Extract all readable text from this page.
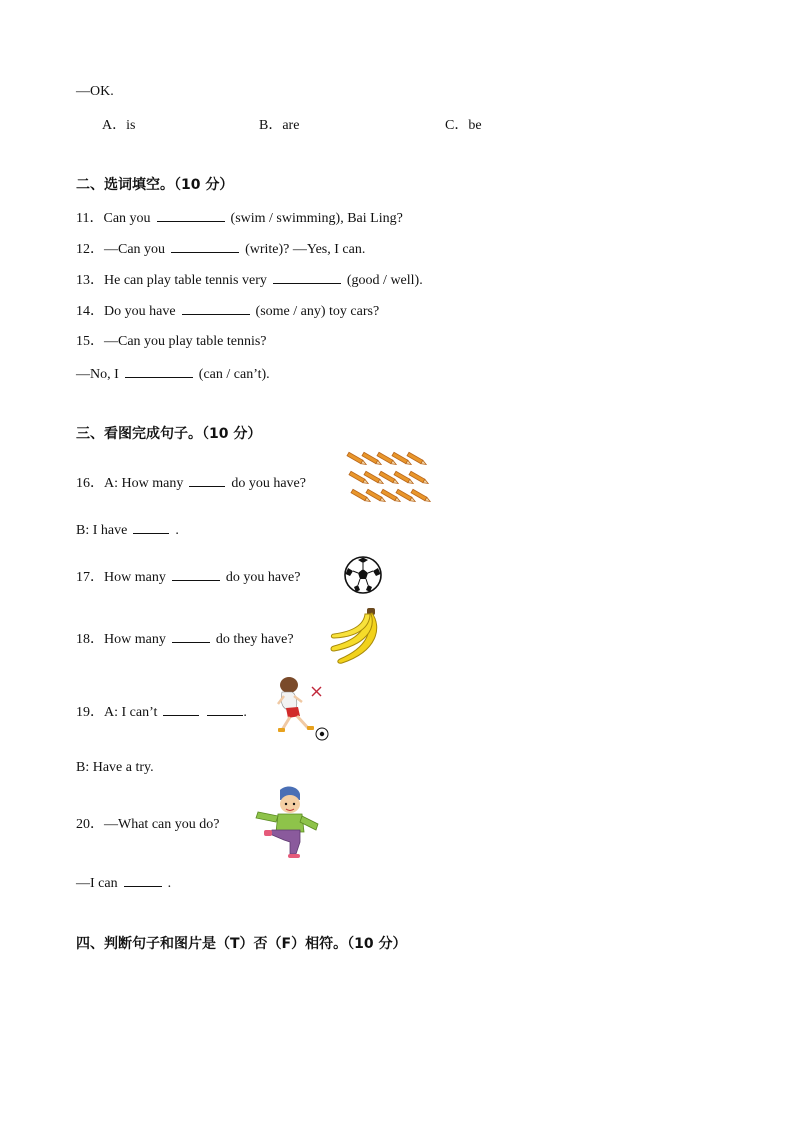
—OK.
A．is	B．are	C．be
二、选词填空。（10 分）
11．Can you	(swim / swimming), Bai Ling?
12．—Can you	(write)? —Yes, I can.
13．He can play table tennis very	(good / well).
14．Do you have	(some / any) toy cars?
15．—Can you play table tennis?
—No, I	(can / can’t).
三、看图完成句子。（10 分）
16．A: How many	do you have?
B: I have	.
17．How many	do you have?
18．How many	do they have?
19．A: I can’t	.
B: Have a try.
20．—What can you do?
—I can	.
四、判断句子和图片是（T）否（F）相符。（10 分）
